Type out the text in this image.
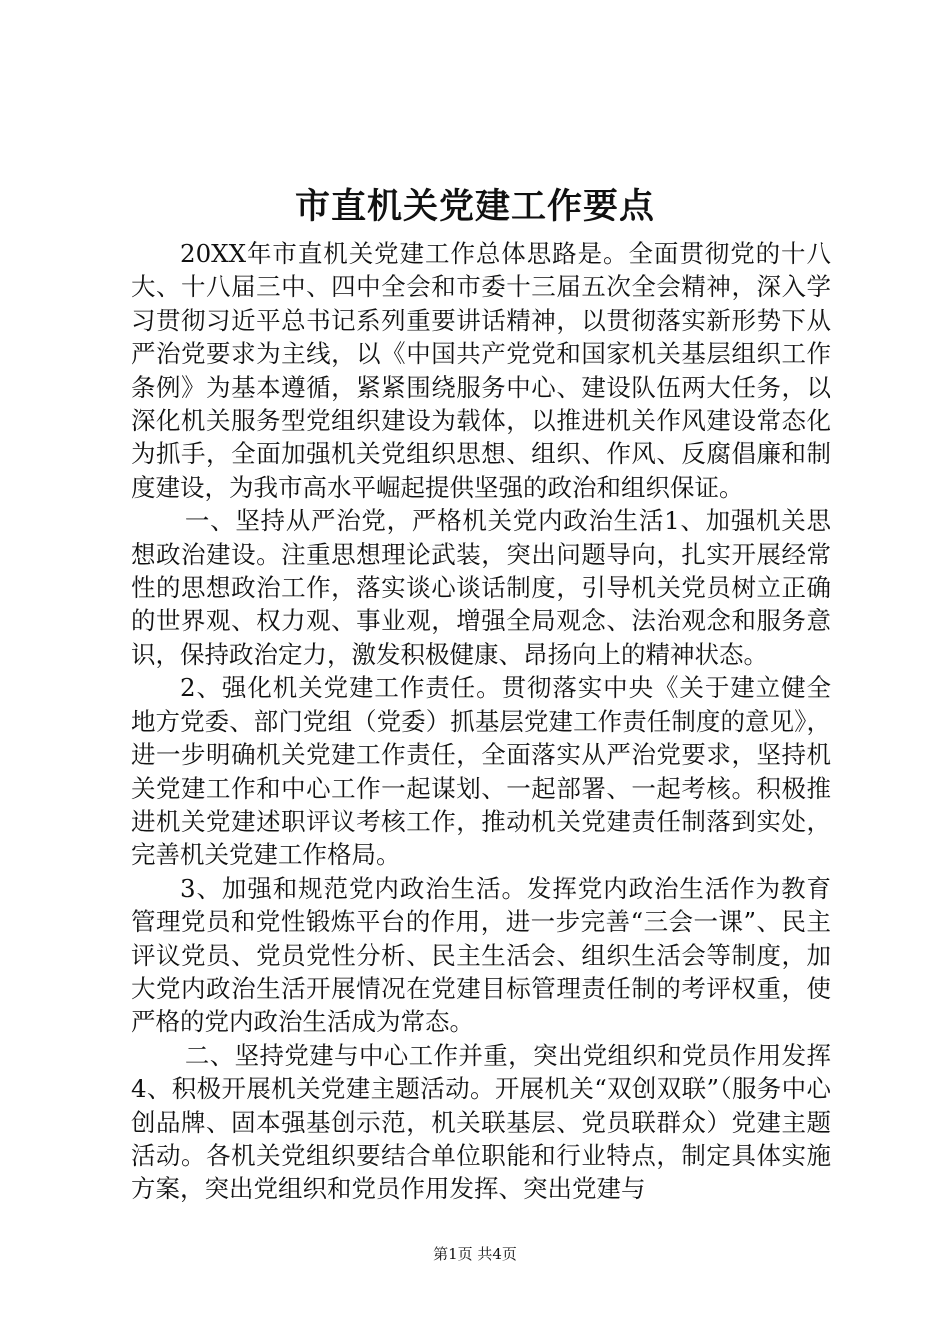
市直机关党建工作要点

20XX年市直机关党建工作总体思路是。全面贯彻党的十八大、十八届三中、四中全会和市委十三届五次全会精神，深入学习贯彻习近平总书记系列重要讲话精神，以贯彻落实新形势下从严治党要求为主线，以《中国共产党党和国家机关基层组织工作条例》为基本遵循，紧紧围绕服务中心、建设队伍两大任务，以深化机关服务型党组织建设为载体，以推进机关作风建设常态化为抓手，全面加强机关党组织思想、组织、作风、反腐倡廉和制度建设，为我市高水平崛起提供坚强的政治和组织保证。

一、坚持从严治党，严格机关党内政治生活1、加强机关思想政治建设。注重思想理论武装，突出问题导向，扎实开展经常性的思想政治工作，落实谈心谈话制度，引导机关党员树立正确的世界观、权力观、事业观，增强全局观念、法治观念和服务意识，保持政治定力，激发积极健康、昂扬向上的精神状态。

2、强化机关党建工作责任。贯彻落实中央《关于建立健全地方党委、部门党组（党委）抓基层党建工作责任制度的意见》，进一步明确机关党建工作责任，全面落实从严治党要求，坚持机关党建工作和中心工作一起谋划、一起部署、一起考核。积极推进机关党建述职评议考核工作，推动机关党建责任制落到实处，完善机关党建工作格局。

3、加强和规范党内政治生活。发挥党内政治生活作为教育管理党员和党性锻炼平台的作用，进一步完善“三会一课”、民主评议党员、党员党性分析、民主生活会、组织生活会等制度，加大党内政治生活开展情况在党建目标管理责任制的考评权重，使严格的党内政治生活成为常态。

二、坚持党建与中心工作并重，突出党组织和党员作用发挥4、积极开展机关党建主题活动。开展机关“双创双联”（服务中心创品牌、固本强基创示范，机关联基层、党员联群众）党建主题活动。各机关党组织要结合单位职能和行业特点，制定具体实施方案，突出党组织和党员作用发挥、突出党建与

第1页 共4页
